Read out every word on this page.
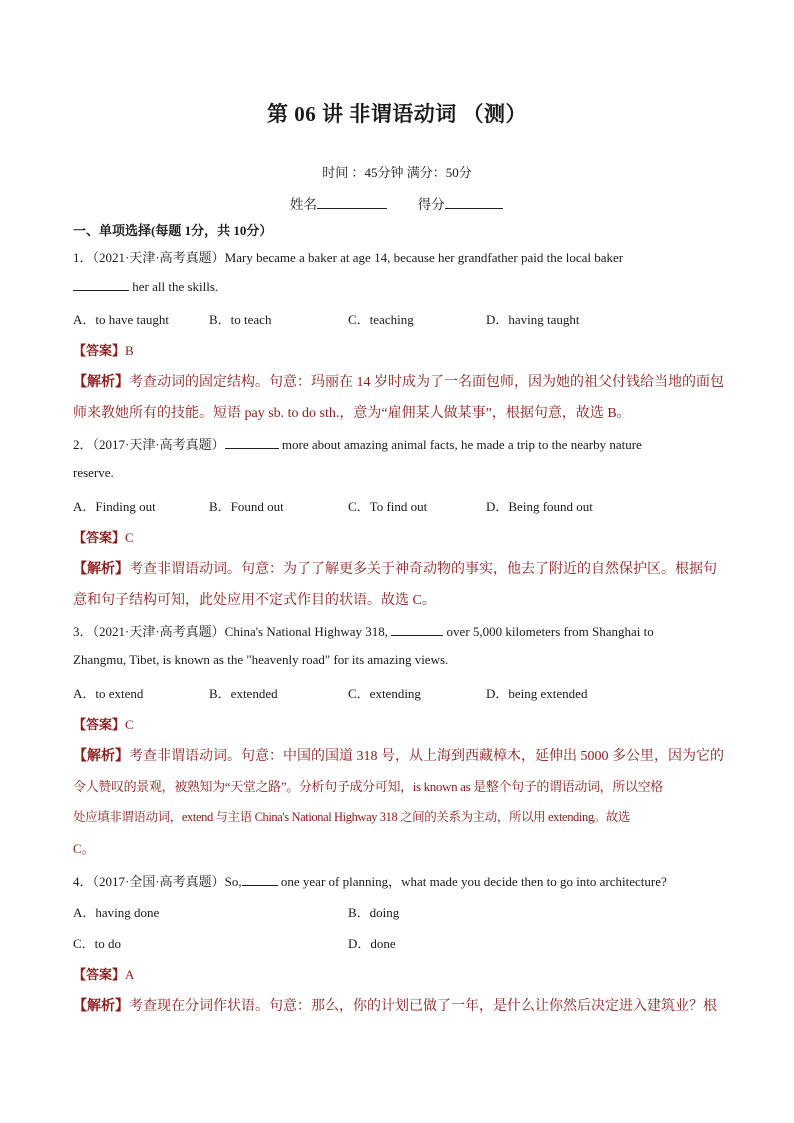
第 06 讲 非谓语动词 （测）
时间 ：45分钟 满分：50分
姓名	得分
一、单项选择(每题 1分，共 10分）
1．（2021·天津·高考真题）Mary became a baker at age 14, because her grandfather paid the local baker
her all the skills.
A．to have taught	B．to teach	C．teaching	D．having taught
【答案】B
【解析】考查动词的固定结构。句意：玛丽在 14 岁时成为了一名面包师，因为她的祖父付钱给当地的面包
师来教她所有的技能。短语 pay sb. to do sth.，意为“雇佣某人做某事”，根据句意，故选 B。
2．（2017·天津·高考真题）	more about amazing animal facts, he made a trip to the nearby nature
reserve.
A．Finding out	B．Found out	C．To find out	D．Being found out
【答案】C
【解析】考查非谓语动词。句意：为了了解更多关于神奇动物的事实，他去了附近的自然保护区。根据句
意和句子结构可知，此处应用不定式作目的状语。故选 C。
3．（2021·天津·高考真题）China's National Highway 318,	over 5,000 kilometers from Shanghai to
Zhangmu, Tibet, is known as the "heavenly road" for its amazing views.
A．to extend	B．extended	C．extending	D．being extended
【答案】C
【解析】考查非谓语动词。句意：中国的国道 318 号，从上海到西藏樟木，延伸出 5000 多公里，因为它的
令人赞叹的景观，被熟知为“天堂之路”。分析句子成分可知，is known as 是整个句子的谓语动词，所以空格
处应填非谓语动词，extend 与主语 China's National Highway 318 之间的关系为主动，所以用 extending。故选
C。
4．（2017·全国·高考真题）So,	one year of planning，what made you decide then to go into architecture?
A．having done	B．doing
C．to do	D．done
【答案】A
【解析】考查现在分词作状语。句意：那么，你的计划已做了一年，是什么让你然后决定进入建筑业？根
